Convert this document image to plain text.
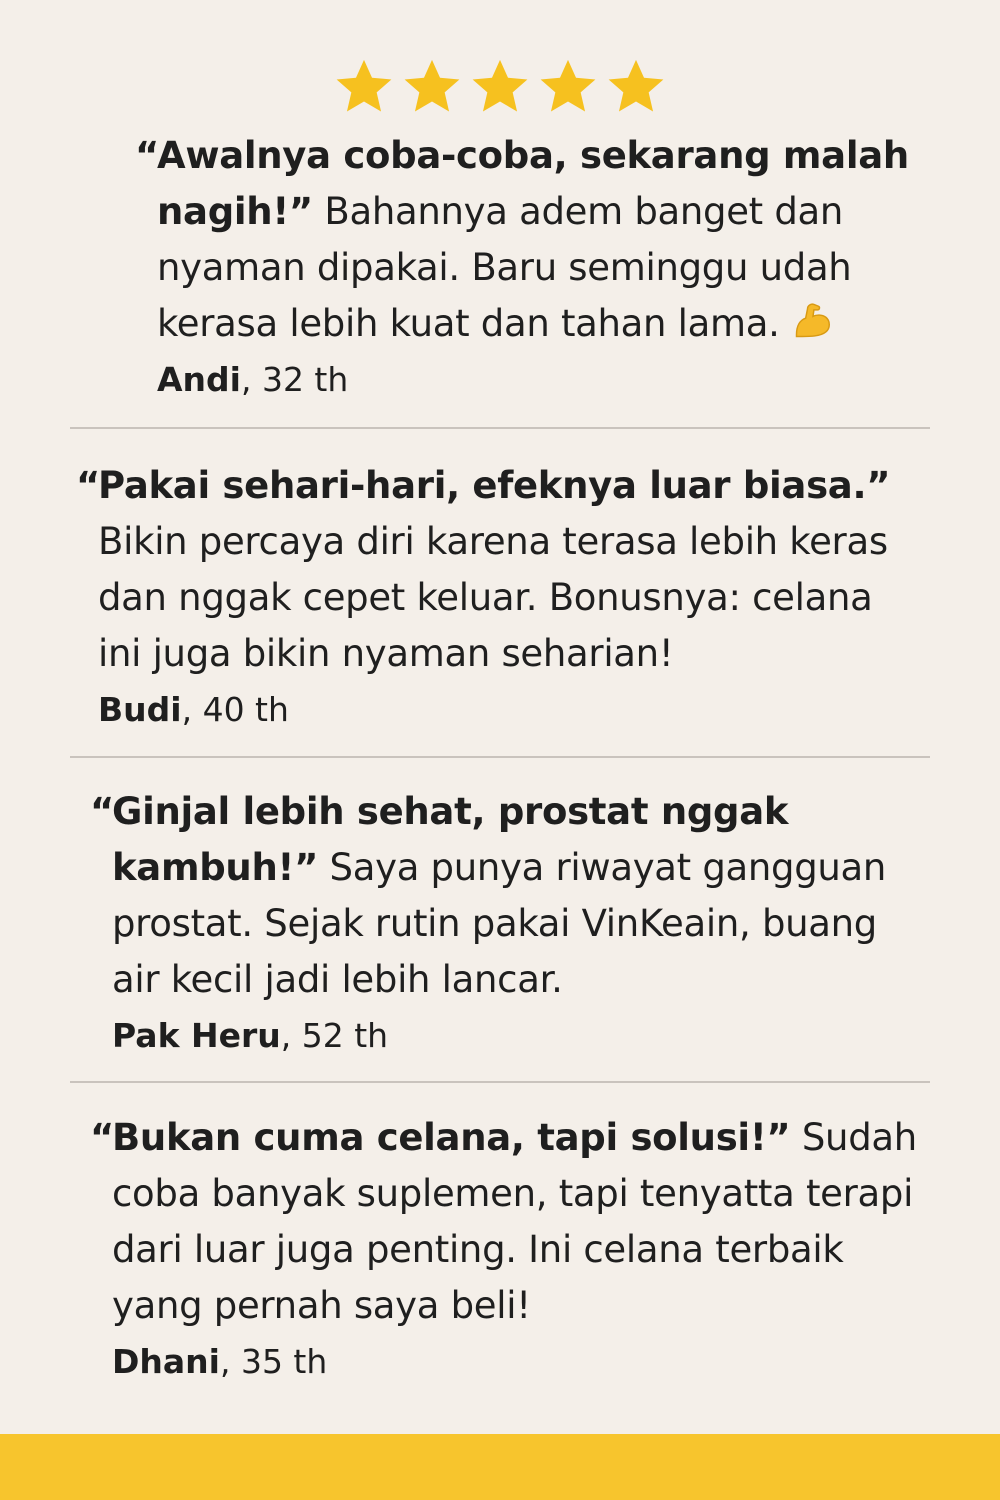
“
Awalnya coba-coba, sekarang malah nagih!” Bahannya adem banget dan nyaman dipakai. Baru seminggu udah kerasa lebih kuat dan tahan lama.

Andi, 32 th

“
Pakai sehari-hari, efeknya luar biasa.” Bikin percaya diri karena terasa lebih keras dan nggak cepet keluar. Bonusnya: celana ini juga bikin nyaman seharian!

Budi, 40 th

“
Ginjal lebih sehat, prostat nggak kambuh!” Saya punya riwayat gangguan prostat. Sejak rutin pakai VinKeain, buang air kecil jadi lebih lancar.

Pak Heru, 52 th

“
Bukan cuma celana, tapi solusi!” Sudah coba banyak suplemen, tapi tenyatta terapi dari luar juga penting. Ini celana terbaik yang pernah saya beli!

Dhani, 35 th
